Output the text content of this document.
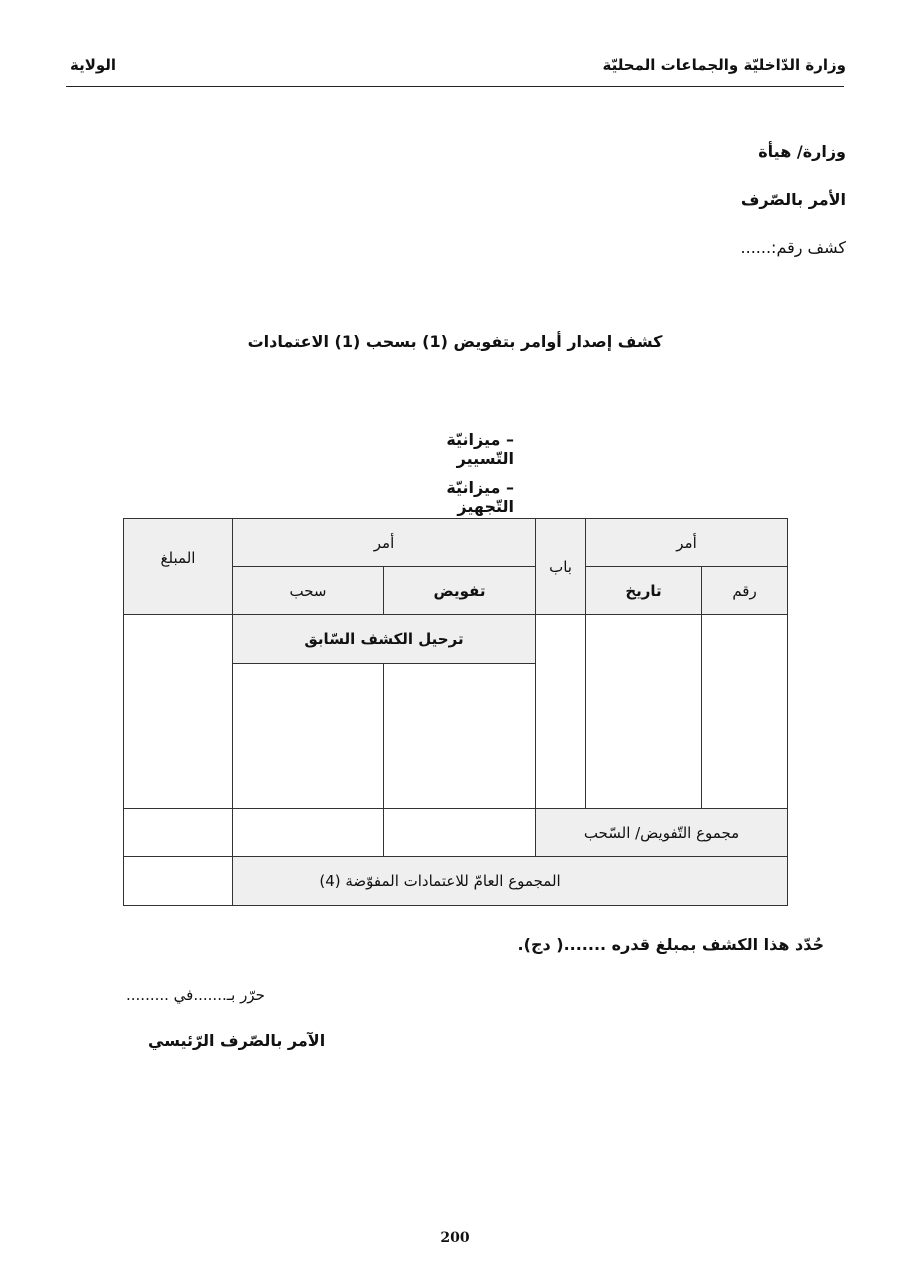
وزارة الدّاخليّة والجماعات المحليّة
الولاية
وزارة/ هيأة
الأمر بالصّرف
كشف رقم:......
كشف إصدار أوامر بتفويض (1) بسحب (1) الاعتمادات
– ميزانيّة التّسيير
– ميزانيّة التّجهيز
أمر		باب	أمر		المبلغ
رقم	تاريخ		تفويض	سحب	
			ترحيل الكشف السّابق		

مجموع التّفويض/ السّحب					
المجموع العامّ للاعتمادات المفوّضة (4)					
حُدّد هذا الكشف بمبلغ قدره .......( دج).
حرّر بـ.......في .........
الآمر بالصّرف الرّئيسي
200
